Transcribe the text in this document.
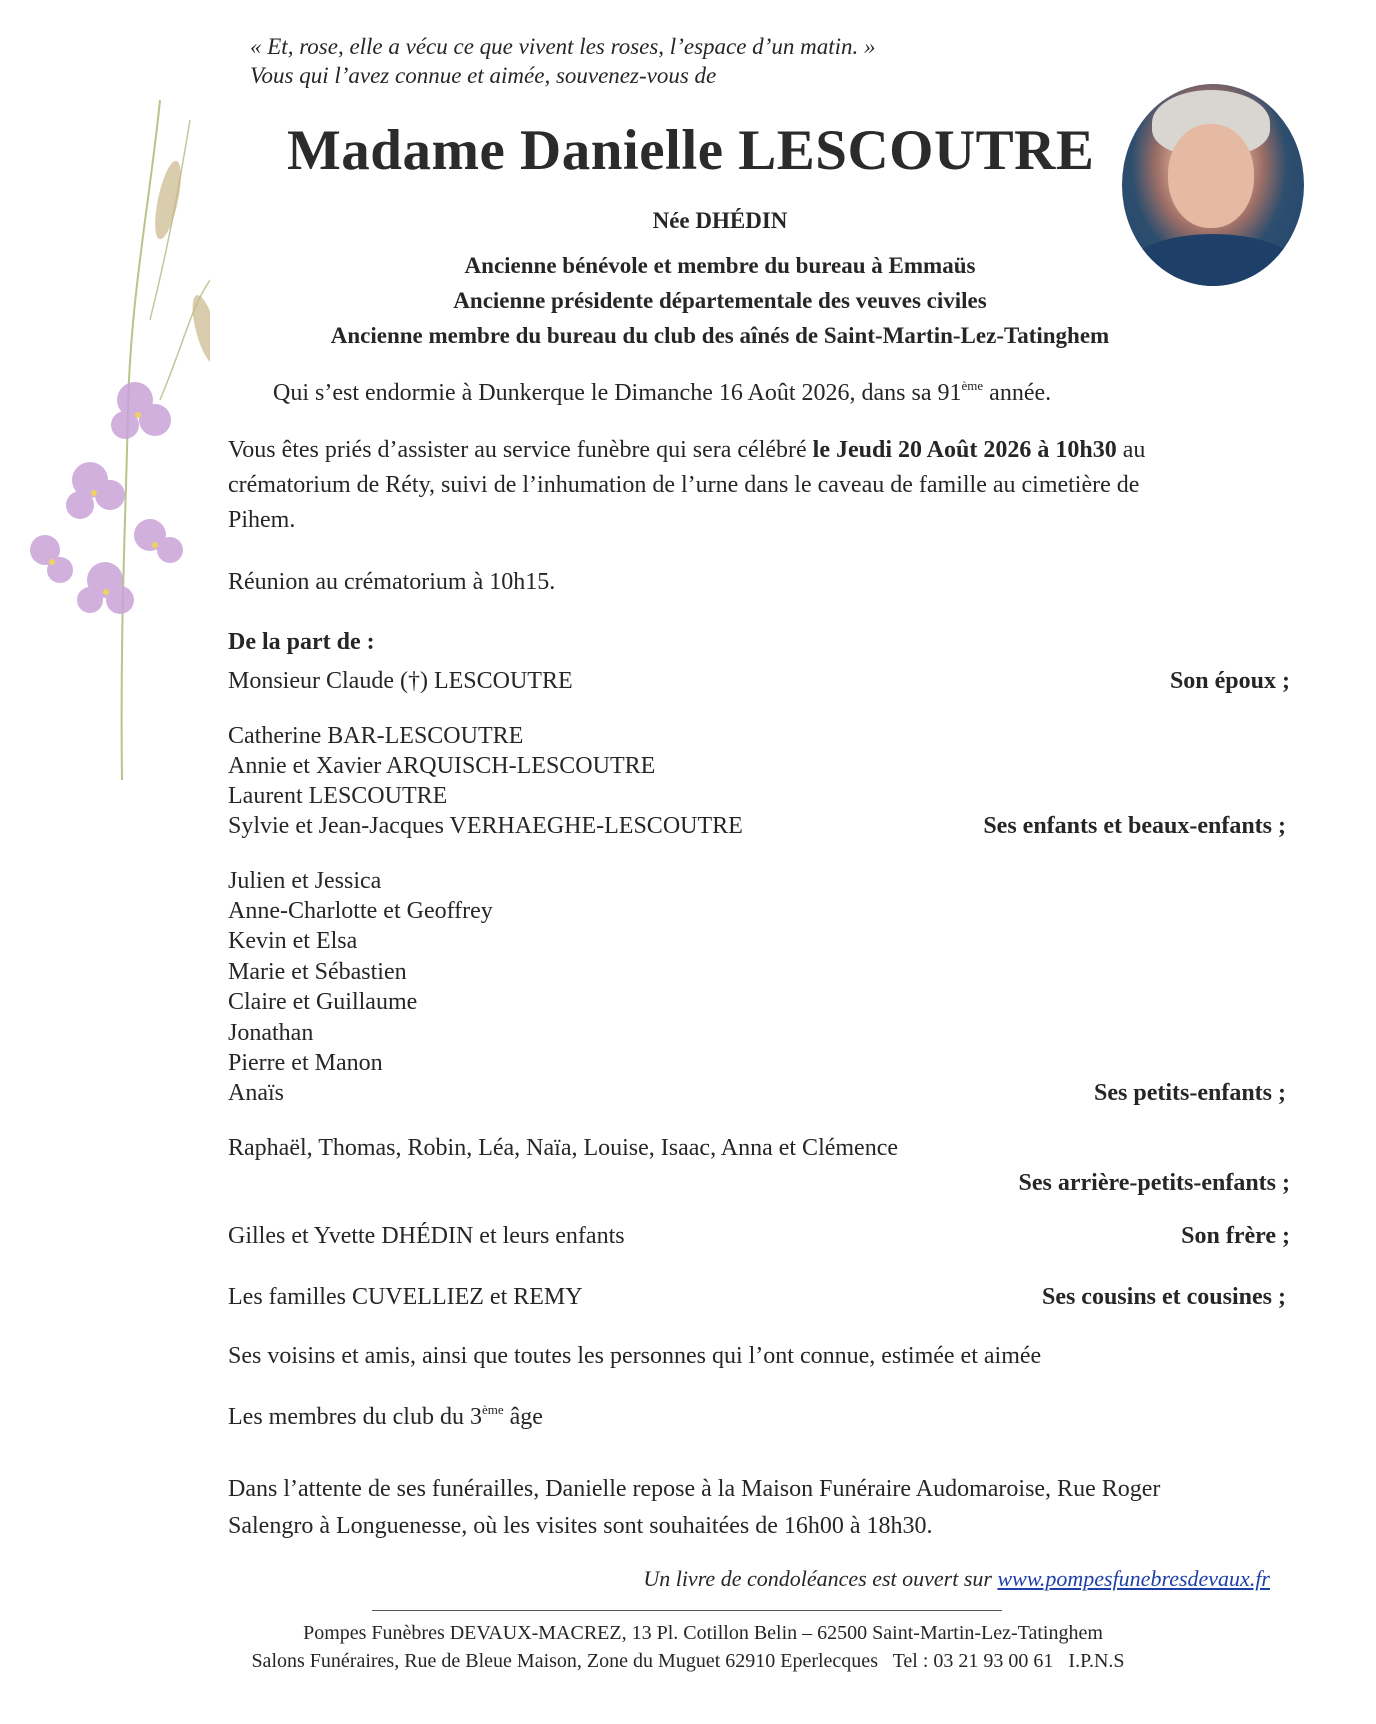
« Et, rose, elle a vécu ce que vivent les roses, l’espace d’un matin. »
Vous qui l’avez connue et aimée, souvenez-vous de
Madame Danielle LESCOUTRE
Née DHÉDIN
Ancienne bénévole et membre du bureau à Emmaüs
Ancienne présidente départementale des veuves civiles
Ancienne membre du bureau du club des aînés de Saint-Martin-Lez-Tatinghem
Qui s’est endormie à Dunkerque le Dimanche 16 Août 2026, dans sa 91ème année.
Vous êtes priés d’assister au service funèbre qui sera célébré le Jeudi 20 Août 2026 à 10h30 au
crématorium de Réty, suivi de l’inhumation de l’urne dans le caveau de famille au cimetière de
Pihem.
Réunion au crématorium à 10h15.
De la part de :
Monsieur Claude (†) LESCOUTRE	Son époux ;
Catherine BAR-LESCOUTRE
Annie et Xavier ARQUISCH-LESCOUTRE
Laurent LESCOUTRE
Sylvie et Jean-Jacques VERHAEGHE-LESCOUTRE	Ses enfants et beaux-enfants ;
Julien et Jessica
Anne-Charlotte et Geoffrey
Kevin et Elsa
Marie et Sébastien
Claire et Guillaume
Jonathan
Pierre et Manon
Anaïs	Ses petits-enfants ;
Raphaël, Thomas, Robin, Léa, Naïa, Louise, Isaac, Anna et Clémence
Ses arrière-petits-enfants ;
Gilles et Yvette DHÉDIN et leurs enfants	Son frère ;
Les familles CUVELLIEZ et REMY	Ses cousins et cousines ;
Ses voisins et amis, ainsi que toutes les personnes qui l’ont connue, estimée et aimée
Les membres du club du 3ème âge
Dans l’attente de ses funérailles, Danielle repose à la Maison Funéraire Audomaroise, Rue Roger
Salengro à Longuenesse, où les visites sont souhaitées de 16h00 à 18h30.
Un livre de condoléances est ouvert sur www.pompesfunebresdevaux.fr
Pompes Funèbres DEVAUX-MACREZ, 13 Pl. Cotillon Belin – 62500 Saint-Martin-Lez-Tatinghem
Salons Funéraires, Rue de Bleue Maison, Zone du Muguet 62910 Eperlecques   Tel : 03 21 93 00 61   I.P.N.S
